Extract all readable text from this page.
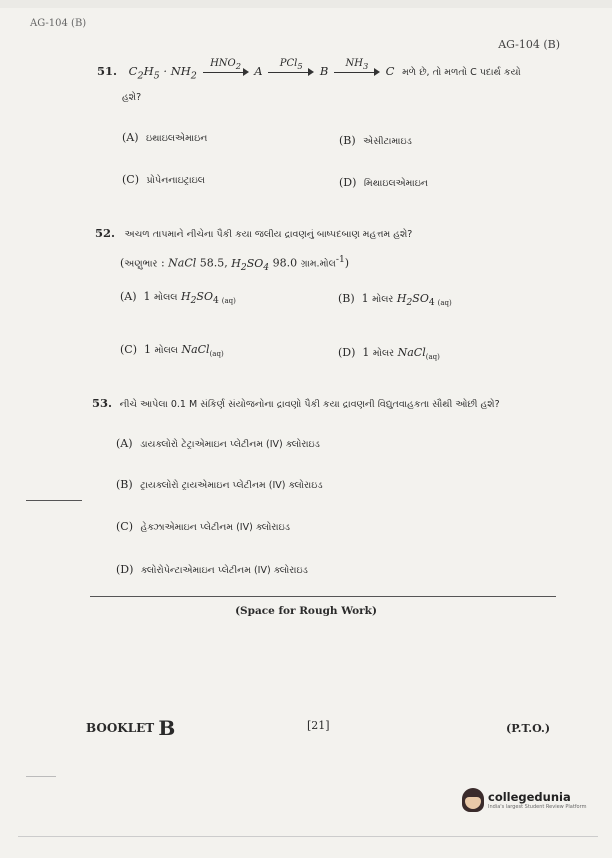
AG-104 (B)
AG-104 (B)
51. $C_2H_5 \cdot NH_2$
$HNO_2$	A
PCl$_5$	B
$NH_3$	C મળે છે, તો મળતો C પદાર્થ કયો
હશે?
(A) ઇથાઇલએમાઇન	(B) એસીટામાઇડ
(C) પ્રોપેનનાઇટ્રાઇલ	(D) મિથાઇલએમાઇન
52. અચળ તાપમાને નીચેના પૈકી કયા જલીય દ્રાવણનું બાષ્પદબાણ મહત્તમ હશે?
(અણુભાર : NaCl 58.5, $H_2SO_4$ 98.0 ગ્રામ.મોલ$^{-1}$)
(A)  1 મોલલ $H_2SO_{4 (aq)}$	(B)  1 મોલર $H_2SO_{4 (aq)}$
(C)  1 મોલલ NaCl$_{(aq)}$	(D)  1 મોલર NaCl$_{(aq)}$
53. નીચે આપેલા 0.1 M સંકિર્ણ સંયોજનોના દ્રાવણો પૈકી કયા દ્રાવણની વિદ્યુતવાહકતા સૌથી ઓછી હશે?
(A) ડાયક્લોરો ટેટ્રાએમાઇન પ્લેટીનમ (IV) ક્લોરાઇડ
(B) ટ્રાયક્લોરો ટ્રાયએમાઇન પ્લેટીનમ (IV) ક્લોરાઇડ
(C) હેક્ઝાએમાઇન પ્લેટીનમ (IV) ક્લોરાઇડ
(D) ક્લોરોપેન્ટાએમાઇન પ્લેટીનમ (IV) ક્લોરાઇડ
(Space for Rough Work)
BOOKLET B	[21]	(P.T.O.)
collegedunia
India's largest Student Review Platform
